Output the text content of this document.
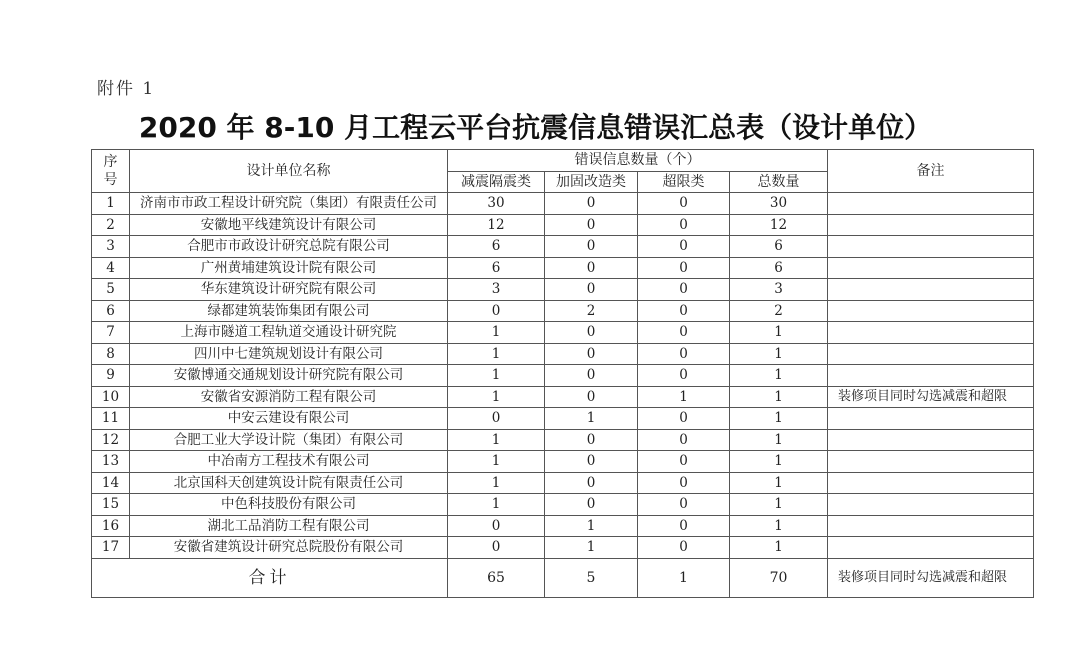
附件 1
2020 年 8-10 月工程云平台抗震信息错误汇总表（设计单位）
序
号	设计单位名称	错误信息数量（个）				备注
		减震隔震类	加固改造类	超限类	总数量	
1	济南市市政工程设计研究院（集团）有限责任公司	30	0	0	30	
2	安徽地平线建筑设计有限公司	12	0	0	12	
3	合肥市市政设计研究总院有限公司	6	0	0	6	
4	广州黄埔建筑设计院有限公司	6	0	0	6	
5	华东建筑设计研究院有限公司	3	0	0	3	
6	绿都建筑装饰集团有限公司	0	2	0	2	
7	上海市隧道工程轨道交通设计研究院	1	0	0	1	
8	四川中七建筑规划设计有限公司	1	0	0	1	
9	安徽博通交通规划设计研究院有限公司	1	0	0	1	
10	安徽省安源消防工程有限公司	1	0	1	1	装修项目同时勾选减震和超限
11	中安云建设有限公司	0	1	0	1	
12	合肥工业大学设计院（集团）有限公司	1	0	0	1	
13	中冶南方工程技术有限公司	1	0	0	1	
14	北京国科天创建筑设计院有限责任公司	1	0	0	1	
15	中色科技股份有限公司	1	0	0	1	
16	湖北工品消防工程有限公司	0	1	0	1	
17	安徽省建筑设计研究总院股份有限公司	0	1	0	1	
合计		65	5	1	70	装修项目同时勾选减震和超限
